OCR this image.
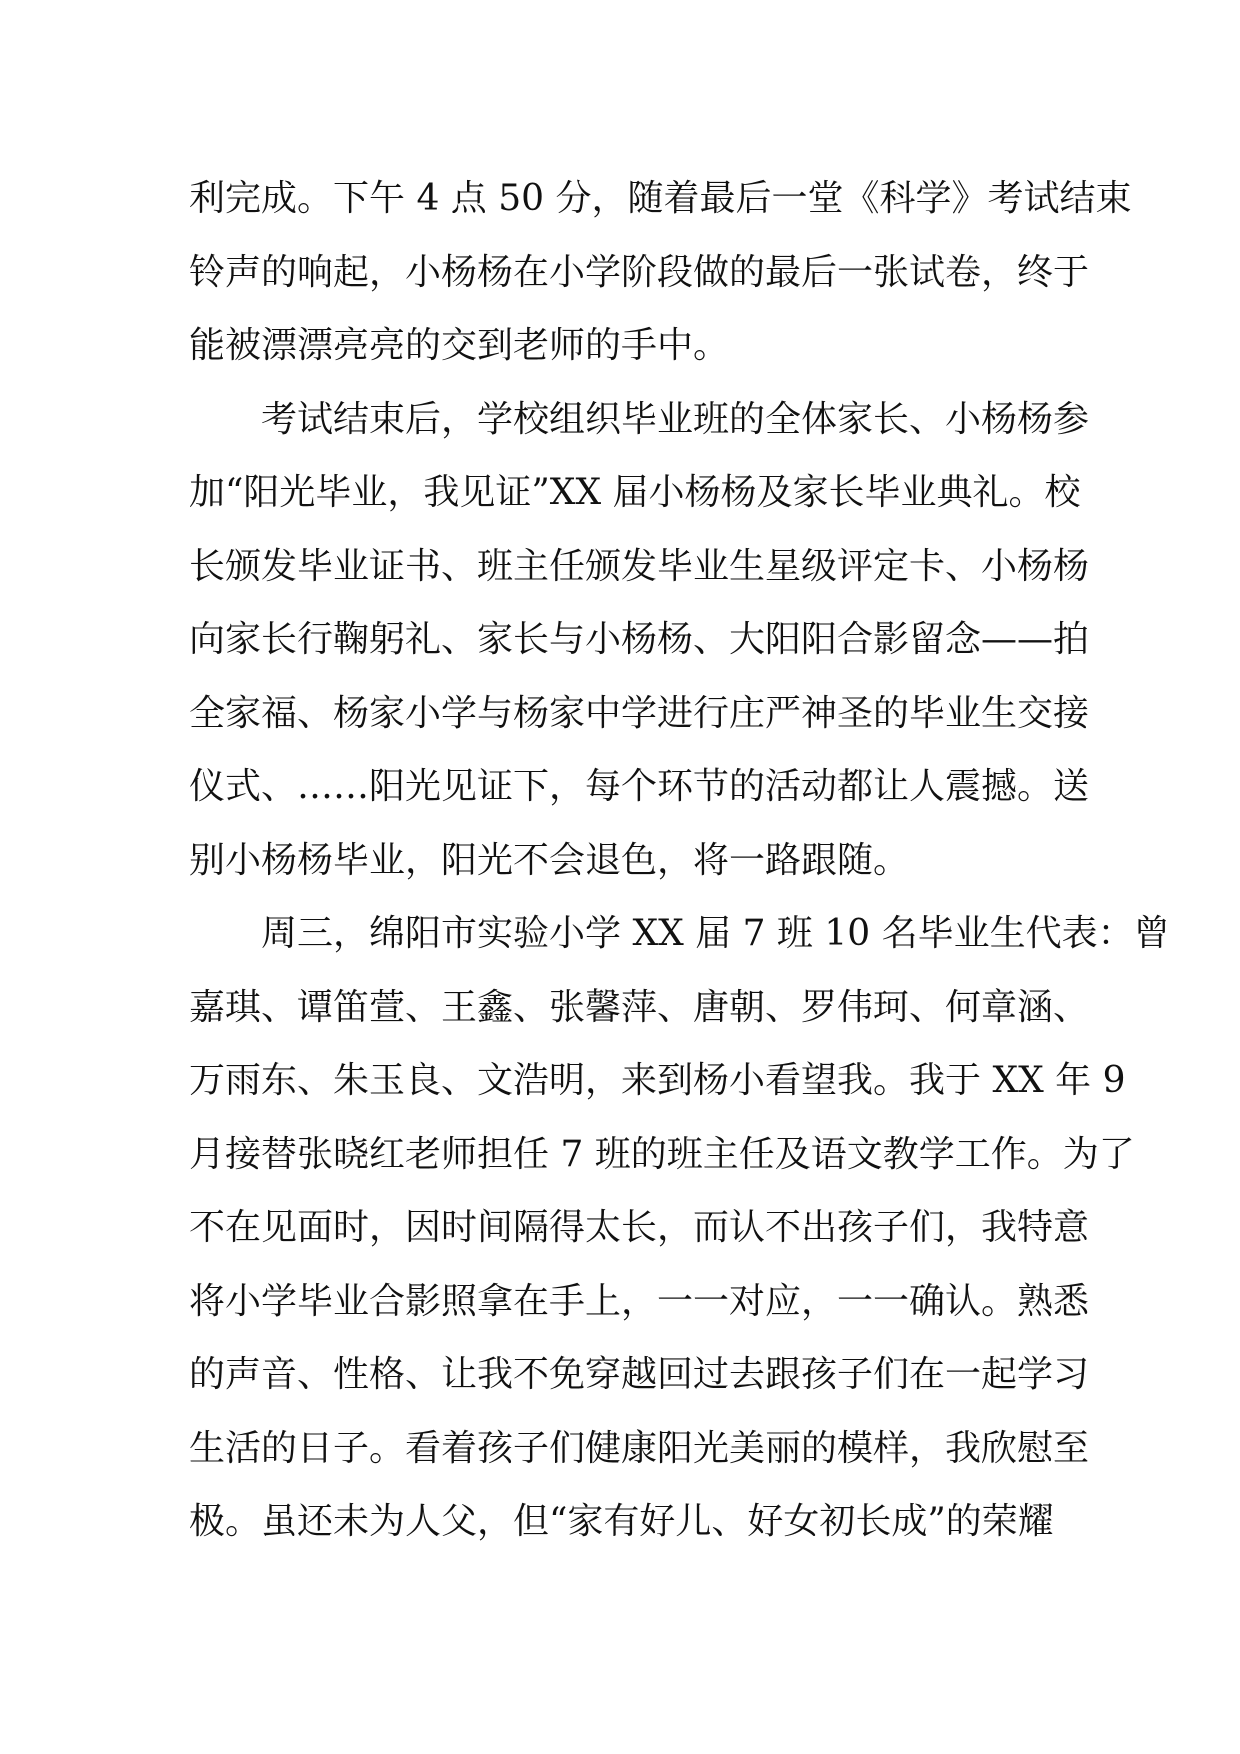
利完成。下午 4 点 50 分，随着最后一堂《科学》考试结束
铃声的响起，小杨杨在小学阶段做的最后一张试卷，终于
能被漂漂亮亮的交到老师的手中。
　　考试结束后，学校组织毕业班的全体家长、小杨杨参
加“阳光毕业，我见证”XX 届小杨杨及家长毕业典礼。校
长颁发毕业证书、班主任颁发毕业生星级评定卡、小杨杨
向家长行鞠躬礼、家长与小杨杨、大阳阳合影留念——拍
全家福、杨家小学与杨家中学进行庄严神圣的毕业生交接
仪式、……阳光见证下，每个环节的活动都让人震撼。送
别小杨杨毕业，阳光不会退色，将一路跟随。
　　周三，绵阳市实验小学 XX 届 7 班 10 名毕业生代表：曾
嘉琪、谭笛萱、王鑫、张馨萍、唐朝、罗伟珂、何章涵、
万雨东、朱玉良、文浩明，来到杨小看望我。我于 XX 年 9
月接替张晓红老师担任 7 班的班主任及语文教学工作。为了
不在见面时，因时间隔得太长，而认不出孩子们，我特意
将小学毕业合影照拿在手上，一一对应，一一确认。熟悉
的声音、性格、让我不免穿越回过去跟孩子们在一起学习
生活的日子。看着孩子们健康阳光美丽的模样，我欣慰至
极。虽还未为人父，但“家有好儿、好女初长成”的荣耀
